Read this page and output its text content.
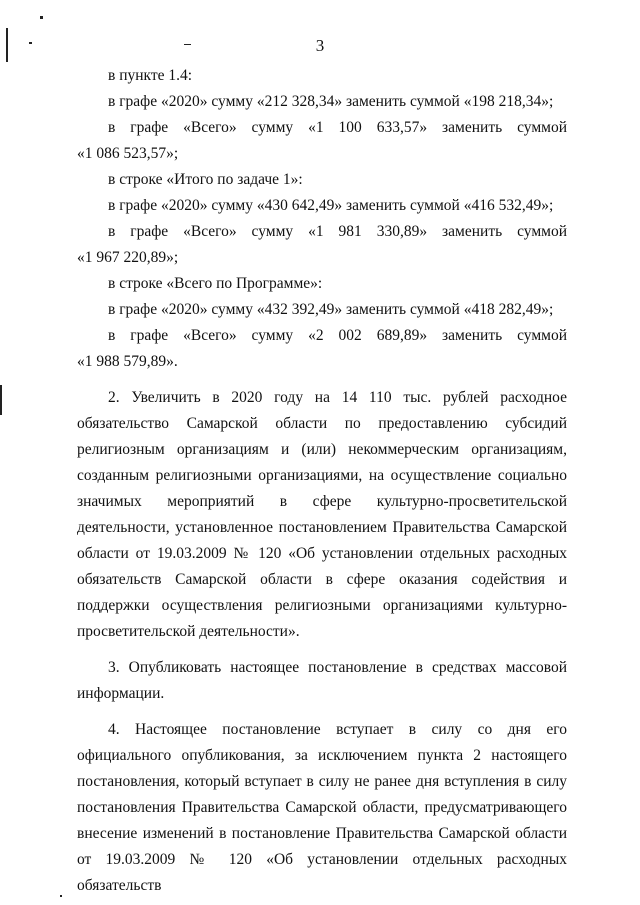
3

в пункте 1.4:

в графе «2020» сумму «212 328,34» заменить суммой «198 218,34»;

в графе «Всего» сумму «1 100 633,57» заменить суммой

«1 086 523,57»;

в строке «Итого по задаче 1»:

в графе «2020» сумму «430 642,49» заменить суммой «416 532,49»;

в графе «Всего» сумму «1 981 330,89» заменить суммой

«1 967 220,89»;

в строке «Всего по Программе»:

в графе «2020» сумму «432 392,49» заменить суммой «418 282,49»;

в графе «Всего» сумму «2 002 689,89» заменить суммой

«1 988 579,89».

2. Увеличить в 2020 году на 14 110 тыс. рублей расходное обязательство Самарской области по предоставлению субсидий религиозным организациям и (или) некоммерческим организациям, созданным религиозными организациями, на осуществление социально значимых мероприятий в сфере культурно-просветительской деятельности, установленное постановлением Правительства Самарской области от 19.03.2009 № 120 «Об установлении отдельных расходных обязательств Самарской области в сфере оказания содействия и поддержки осуществления религиозными организациями культурно-просветительской деятельности».

3. Опубликовать настоящее постановление в средствах массовой информации.

4. Настоящее постановление вступает в силу со дня его официального опубликования, за исключением пункта 2 настоящего постановления, который вступает в силу не ранее дня вступления в силу постановления Правительства Самарской области, предусматривающего внесение изменений в постановление Правительства Самарской области от 19.03.2009 № 120 «Об установлении отдельных расходных обязательств
